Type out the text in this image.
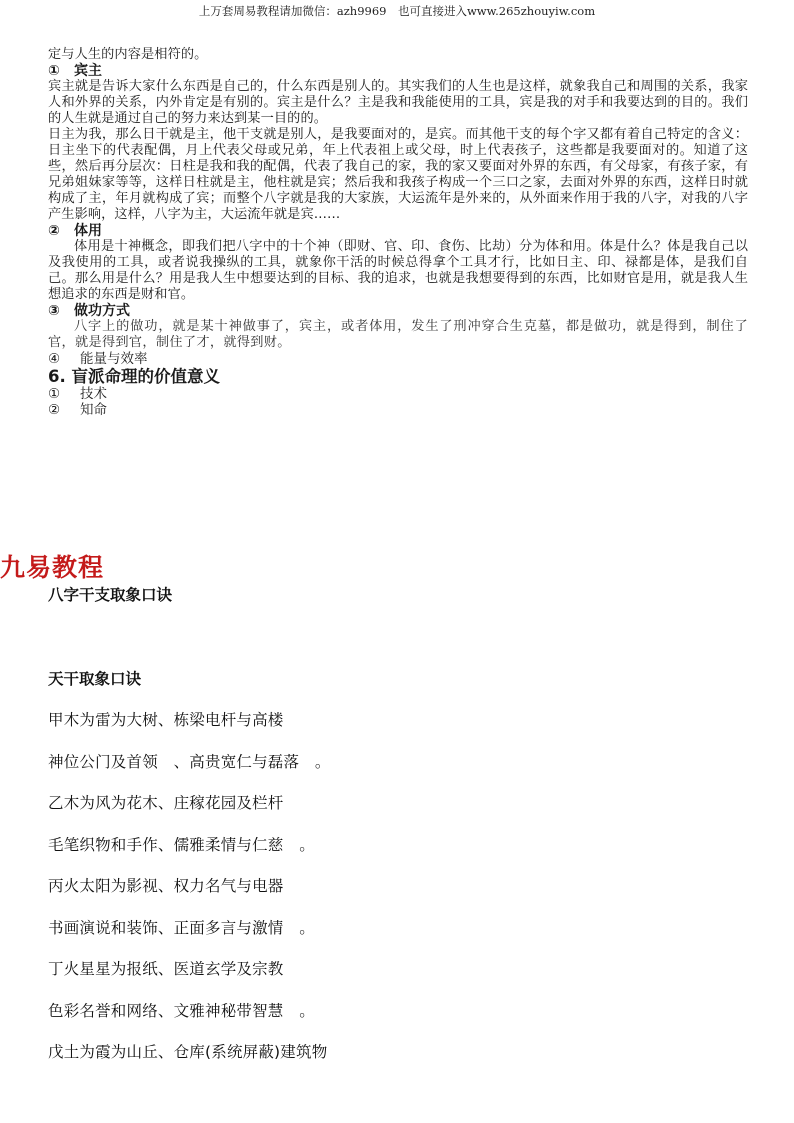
上万套周易教程请加微信：azh9969　也可直接进入www.265zhouyiw.com

定与人生的内容是相符的。

①	宾主

宾主就是告诉大家什么东西是自己的，什么东西是别人的。其实我们的人生也是这样，就象我自己和周围的关系，我家人和外界的关系，内外肯定是有别的。宾主是什么？主是我和我能使用的工具，宾是我的对手和我要达到的目的。我们的人生就是通过自己的努力来达到某一目的的。

日主为我，那么日干就是主，他干支就是别人，是我要面对的，是宾。而其他干支的每个字又都有着自己特定的含义：日主坐下的代表配偶，月上代表父母或兄弟，年上代表祖上或父母，时上代表孩子，这些都是我要面对的。知道了这些，然后再分层次：日柱是我和我的配偶，代表了我自己的家，我的家又要面对外界的东西，有父母家，有孩子家，有兄弟姐妹家等等，这样日柱就是主，他柱就是宾；然后我和我孩子构成一个三口之家，去面对外界的东西，这样日时就构成了主，年月就构成了宾；而整个八字就是我的大家族，大运流年是外来的，从外面来作用于我的八字，对我的八字产生影响，这样，八字为主，大运流年就是宾……

②	体用

体用是十神概念，即我们把八字中的十个神（即财、官、印、食伤、比劫）分为体和用。体是什么？体是我自己以及我使用的工具，或者说我操纵的工具，就象你干活的时候总得拿个工具才行，比如日主、印、禄都是体，是我们自己。那么用是什么？用是我人生中想要达到的目标、我的追求，也就是我想要得到的东西，比如财官是用，就是我人生想追求的东西是财和官。

③	做功方式

八字上的做功，就是某十神做事了，宾主，或者体用，发生了刑冲穿合生克墓，都是做功，就是得到，制住了官，就是得到官，制住了才，就得到财。

④	能量与效率

6. 盲派命理的价值意义

①	技术
②	知命
九易教程
八字干支取象口诀
天干取象口诀
甲木为雷为大树、栋梁电杆与高楼
神位公门及首领　、高贵宽仁与磊落　。
乙木为风为花木、庄稼花园及栏杆
毛笔织物和手作、儒雅柔情与仁慈　。
丙火太阳为影视、权力名气与电器
书画演说和装饰、正面多言与激情　。
丁火星星为报纸、医道玄学及宗教
色彩名誉和网络、文雅神秘带智慧　。
戊土为霞为山丘、仓库(系统屏蔽)建筑物
